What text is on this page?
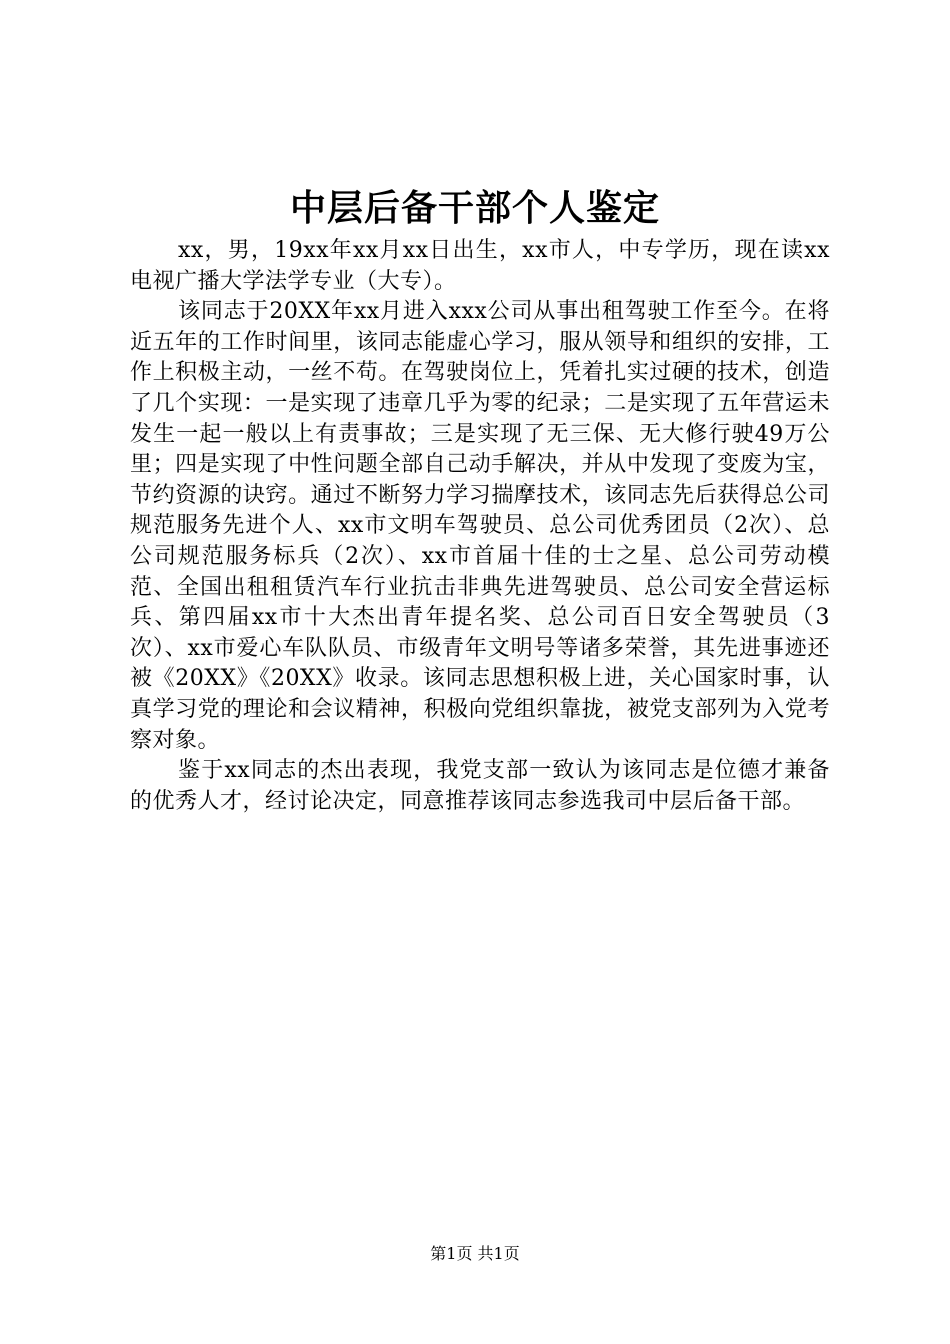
中层后备干部个人鉴定

xx，男，19xx年xx月xx日出生，xx市人，中专学历，现在读xx电视广播大学法学专业（大专）。

该同志于20XX年xx月进入xxx公司从事出租驾驶工作至今。在将近五年的工作时间里，该同志能虚心学习，服从领导和组织的安排，工作上积极主动，一丝不苟。在驾驶岗位上，凭着扎实过硬的技术，创造了几个实现：一是实现了违章几乎为零的纪录；二是实现了五年营运未发生一起一般以上有责事故；三是实现了无三保、无大修行驶49万公里；四是实现了中性问题全部自己动手解决，并从中发现了变废为宝，节约资源的诀窍。通过不断努力学习揣摩技术，该同志先后获得总公司规范服务先进个人、xx市文明车驾驶员、总公司优秀团员（2次）、总公司规范服务标兵（2次）、xx市首届十佳的士之星、总公司劳动模范、全国出租租赁汽车行业抗击非典先进驾驶员、总公司安全营运标兵、第四届xx市十大杰出青年提名奖、总公司百日安全驾驶员（3次）、xx市爱心车队队员、市级青年文明号等诸多荣誉，其先进事迹还被《20XX》《20XX》收录。该同志思想积极上进，关心国家时事，认真学习党的理论和会议精神，积极向党组织靠拢，被党支部列为入党考察对象。

鉴于xx同志的杰出表现，我党支部一致认为该同志是位德才兼备的优秀人才，经讨论决定，同意推荐该同志参选我司中层后备干部。

第1页 共1页
